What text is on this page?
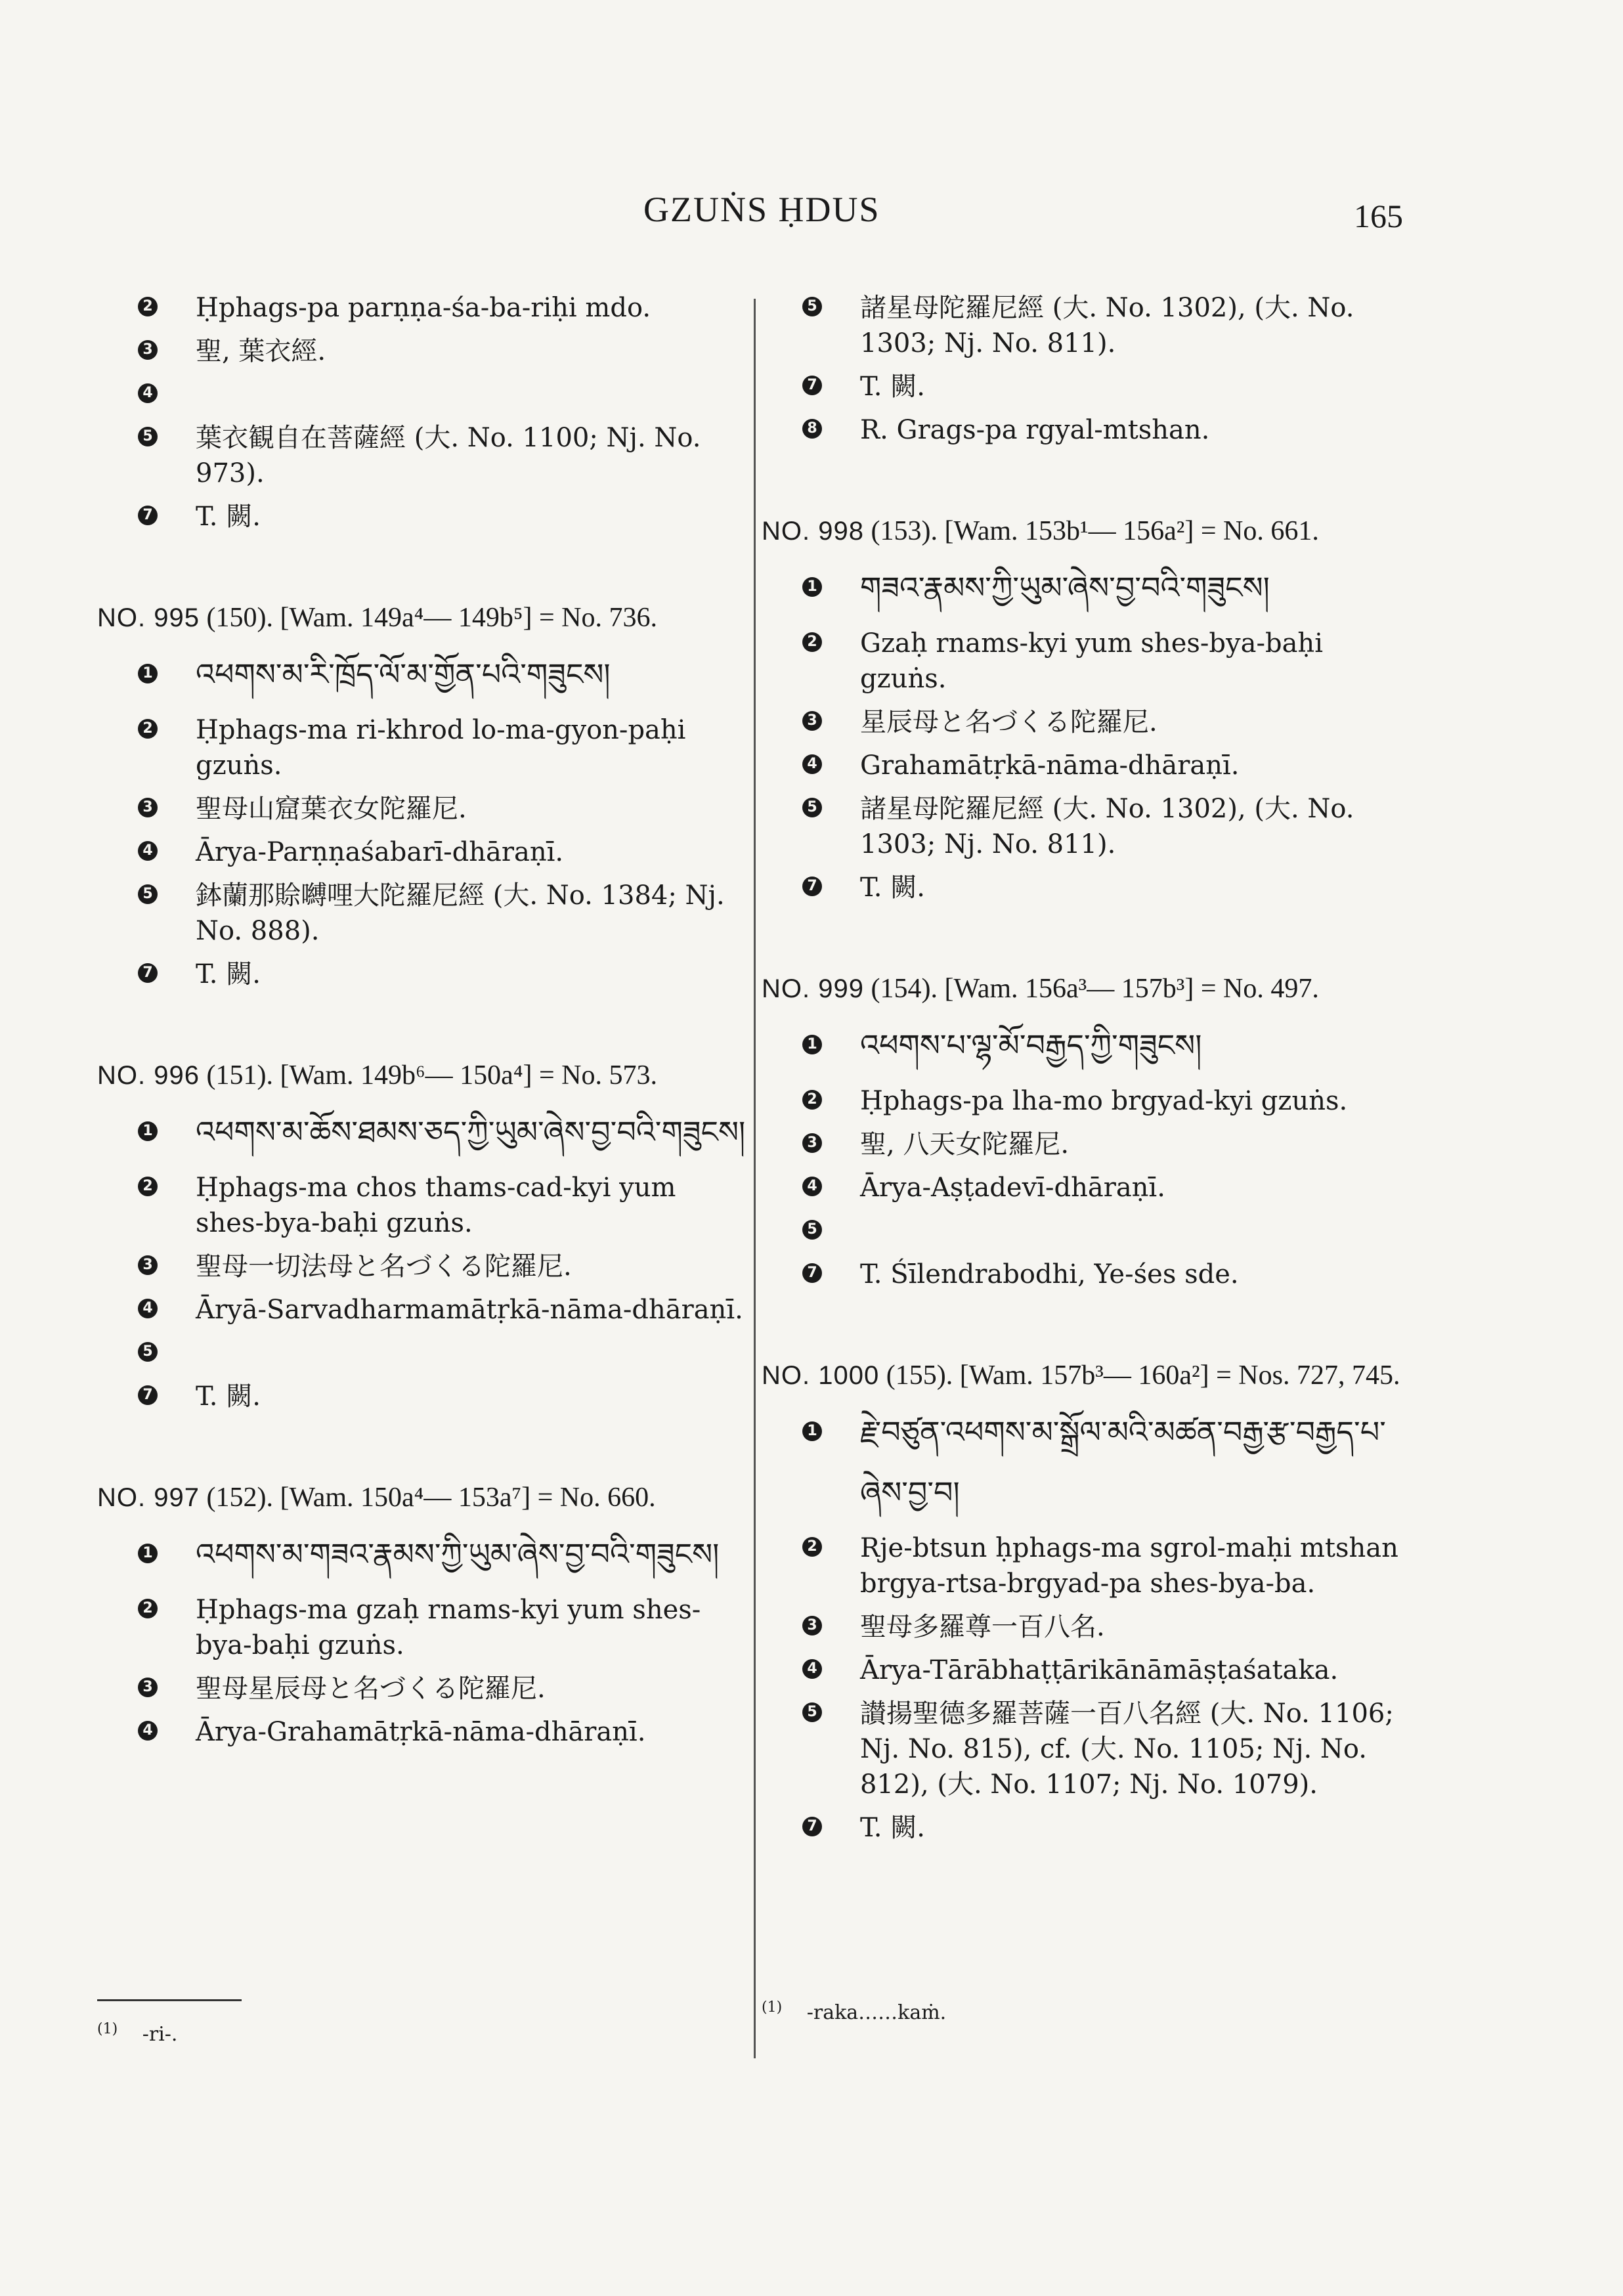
GZUṄS ḤDUS	165
2 Ḥphags-pa parṇṇa-śa-ba-riḥi mdo.
3 聖, 葉衣經.
4
5 葉衣観自在菩薩經 (大. No. 1100; Nj. No. 973).
7 T. 闕.
NO. 995 (150). [Wam. 149a⁴— 149b⁵] = No. 736.
1 འཕགས་མ་རི་ཁྲོད་ལོ་མ་གྱོན་པའི་གཟུངས།
2 Ḥphags-ma ri-khrod lo-ma-gyon-paḥi gzuṅs.
3 聖母山窟葉衣女陀羅尼.
4 Ārya-Parṇṇaśabarī-dhāraṇī.
5 鉢蘭那賒嚩哩大陀羅尼經 (大. No. 1384; Nj. No. 888).
7 T. 闕.
NO. 996 (151). [Wam. 149b⁶— 150a⁴] = No. 573.
1 འཕགས་མ་ཆོས་ཐམས་ཅད་ཀྱི་ཡུམ་ཞེས་བྱ་བའི་གཟུངས།
2 Ḥphags-ma chos thams-cad-kyi yum shes-bya-baḥi gzuṅs.
3 聖母一切法母と名づくる陀羅尼.
4 Āryā-Sarvadharmamātṛkā-nāma-dhāraṇī.
5
7 T. 闕.
NO. 997 (152). [Wam. 150a⁴— 153a⁷] = No. 660.
1 འཕགས་མ་གཟའ་རྣམས་ཀྱི་ཡུམ་ཞེས་བྱ་བའི་གཟུངས།
2 Ḥphags-ma gzaḥ rnams-kyi yum shes-bya-baḥi gzuṅs.
3 聖母星辰母と名づくる陀羅尼.
4 Ārya-Grahamātṛkā-nāma-dhāraṇī.
5 諸星母陀羅尼經 (大. No. 1302), (大. No. 1303; Nj. No. 811).
7 T. 闕.
8 R. Grags-pa rgyal-mtshan.
NO. 998 (153). [Wam. 153b¹— 156a²] = No. 661.
1 གཟའ་རྣམས་ཀྱི་ཡུམ་ཞེས་བྱ་བའི་གཟུངས།
2 Gzaḥ rnams-kyi yum shes-bya-baḥi gzuṅs.
3 星辰母と名づくる陀羅尼.
4 Grahamātṛkā-nāma-dhāraṇī.
5 諸星母陀羅尼經 (大. No. 1302), (大. No. 1303; Nj. No. 811).
7 T. 闕.
NO. 999 (154). [Wam. 156a³— 157b³] = No. 497.
1 འཕགས་པ་ལྷ་མོ་བརྒྱད་ཀྱི་གཟུངས།
2 Ḥphags-pa lha-mo brgyad-kyi gzuṅs.
3 聖, 八天女陀羅尼.
4 Ārya-Aṣṭadevī-dhāraṇī.
5
7 T. Śīlendrabodhi, Ye-śes sde.
NO. 1000 (155). [Wam. 157b³— 160a²] = Nos. 727, 745.
1 རྗེ་བཙུན་འཕགས་མ་སྒྲོལ་མའི་མཚན་བརྒྱ་རྩ་བརྒྱད་པ་ཞེས་བྱ་བ།
2 Rje-btsun ḥphags-ma sgrol-maḥi mtshan brgya-rtsa-brgyad-pa shes-bya-ba.
3 聖母多羅尊一百八名.
4 Ārya-Tārābhaṭṭārikānāmāṣṭaśataka.
5 讃揚聖德多羅菩薩一百八名經 (大. No. 1106; Nj. No. 815), cf. (大. No. 1105; Nj. No. 812), (大. No. 1107; Nj. No. 1079).
7 T. 闕.
$^{(1)}$ -ri-.
$^{(1)}$ -raka……kaṁ.
